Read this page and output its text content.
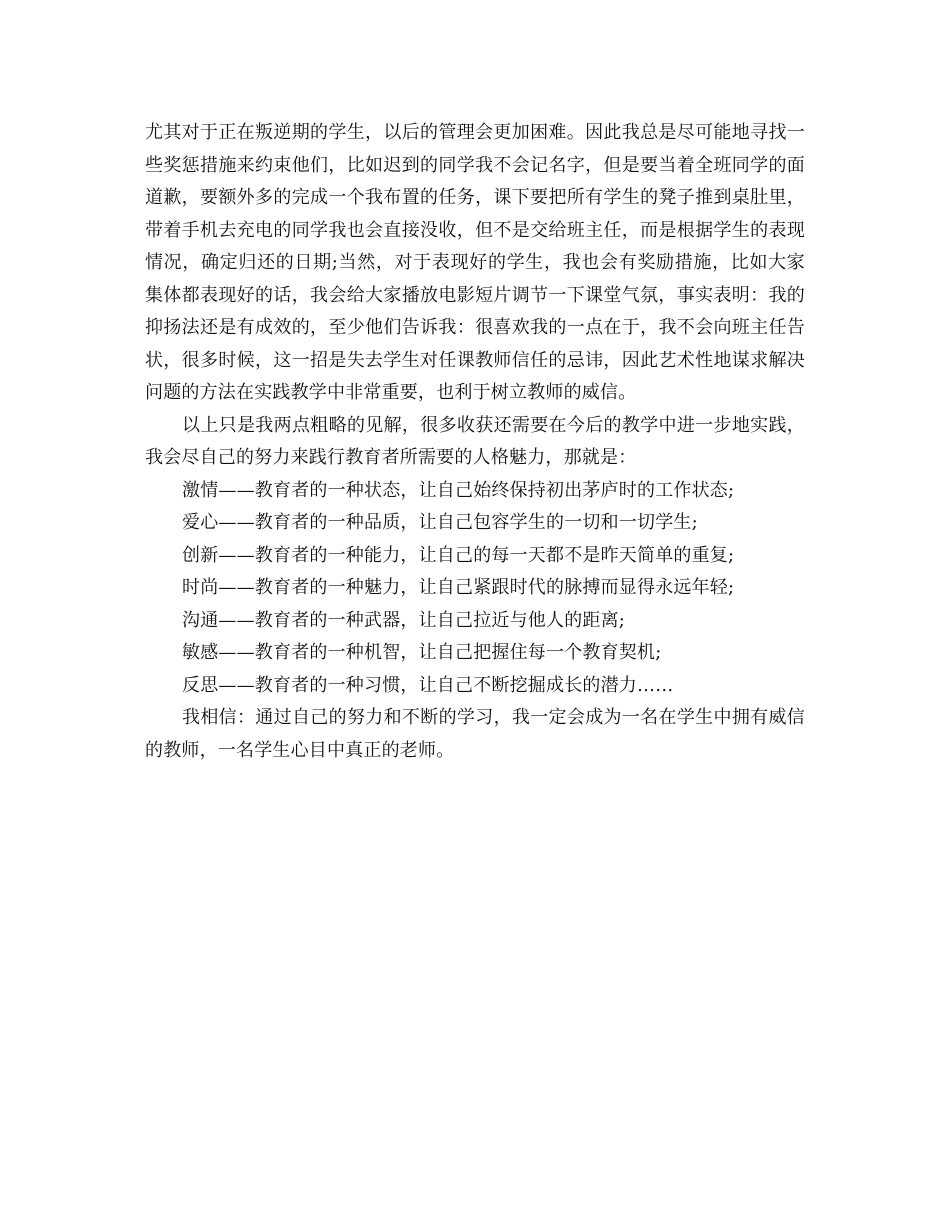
尤其对于正在叛逆期的学生，以后的管理会更加困难。因此我总是尽可能地寻找一些奖惩措施来约束他们，比如迟到的同学我不会记名字，但是要当着全班同学的面道歉，要额外多的完成一个我布置的任务，课下要把所有学生的凳子推到桌肚里，带着手机去充电的同学我也会直接没收，但不是交给班主任，而是根据学生的表现情况，确定归还的日期;当然，对于表现好的学生，我也会有奖励措施，比如大家集体都表现好的话，我会给大家播放电影短片调节一下课堂气氛，事实表明：我的抑扬法还是有成效的，至少他们告诉我：很喜欢我的一点在于，我不会向班主任告状，很多时候，这一招是失去学生对任课教师信任的忌讳，因此艺术性地谋求解决问题的方法在实践教学中非常重要，也利于树立教师的威信。

以上只是我两点粗略的见解，很多收获还需要在今后的教学中进一步地实践，我会尽自己的努力来践行教育者所需要的人格魅力，那就是：

激情——教育者的一种状态，让自己始终保持初出茅庐时的工作状态;

爱心——教育者的一种品质，让自己包容学生的一切和一切学生;

创新——教育者的一种能力，让自己的每一天都不是昨天简单的重复;

时尚——教育者的一种魅力，让自己紧跟时代的脉搏而显得永远年轻;

沟通——教育者的一种武器，让自己拉近与他人的距离;

敏感——教育者的一种机智，让自己把握住每一个教育契机;

反思——教育者的一种习惯，让自己不断挖掘成长的潜力……

我相信：通过自己的努力和不断的学习，我一定会成为一名在学生中拥有威信的教师，一名学生心目中真正的老师。
